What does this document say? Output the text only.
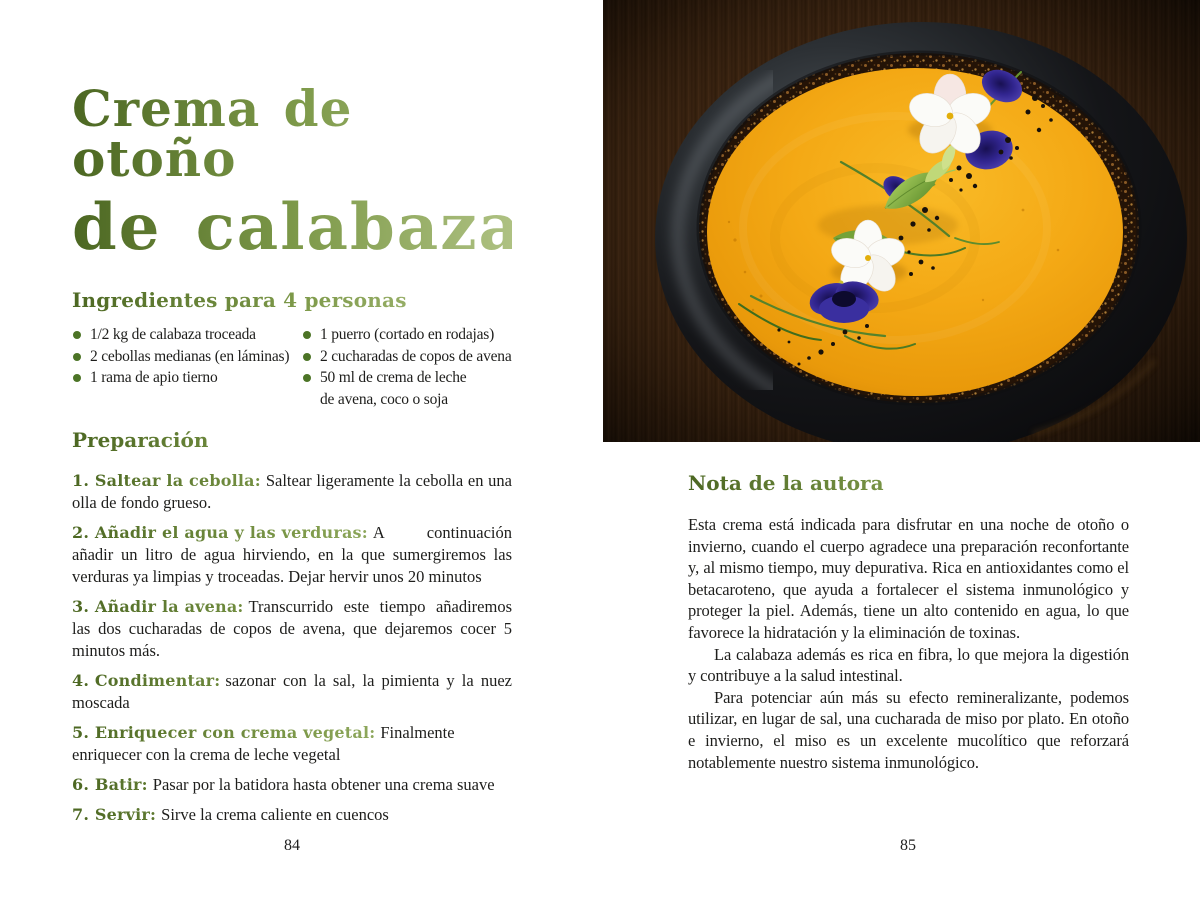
Crema de otoño
de calabaza
Ingredientes para 4 personas
1/2 kg de calabaza troceada
2 cebollas medianas (en láminas)
1 rama de apio tierno
1 puerro (cortado en rodajas)
2 cucharadas de copos de avena
50 ml de crema de leche de avena, coco o soja
Preparación

1. Saltear la cebolla: Saltear ligeramente la cebolla en una olla de fondo grueso.

2. Añadir el agua y las verduras: A continuación añadir un litro de agua hirviendo, en la que sumergiremos las verduras ya limpias y troceadas. Dejar hervir unos 20 minutos

3. Añadir la avena: Transcurrido este tiempo añadiremos las dos cucharadas de copos de avena, que dejaremos cocer 5 minutos más.

4. Condimentar: sazonar con la sal, la pimienta y la nuez moscada

5. Enriquecer con crema vegetal: Finalmente enriquecer con la crema de leche vegetal

6. Batir: Pasar por la batidora hasta obtener una crema suave

7. Servir: Sirve la crema caliente en cuencos

84
Nota de la autora

Esta crema está indicada para disfrutar en una noche de otoño o invierno, cuando el cuerpo agradece una preparación reconfortante y, al mismo tiempo, muy depurativa. Rica en antioxidantes como el betacaroteno, que ayuda a fortalecer el sistema inmunológico y proteger la piel. Además, tiene un alto contenido en agua, lo que favorece la hidratación y la eliminación de toxinas.

La calabaza además es rica en fibra, lo que mejora la digestión y contribuye a la salud intestinal.

Para potenciar aún más su efecto remineralizante, podemos utilizar, en lugar de sal, una cucharada de miso por plato. En otoño e invierno, el miso es un excelente mucolítico que reforzará notablemente nuestro sistema inmunológico.

85
